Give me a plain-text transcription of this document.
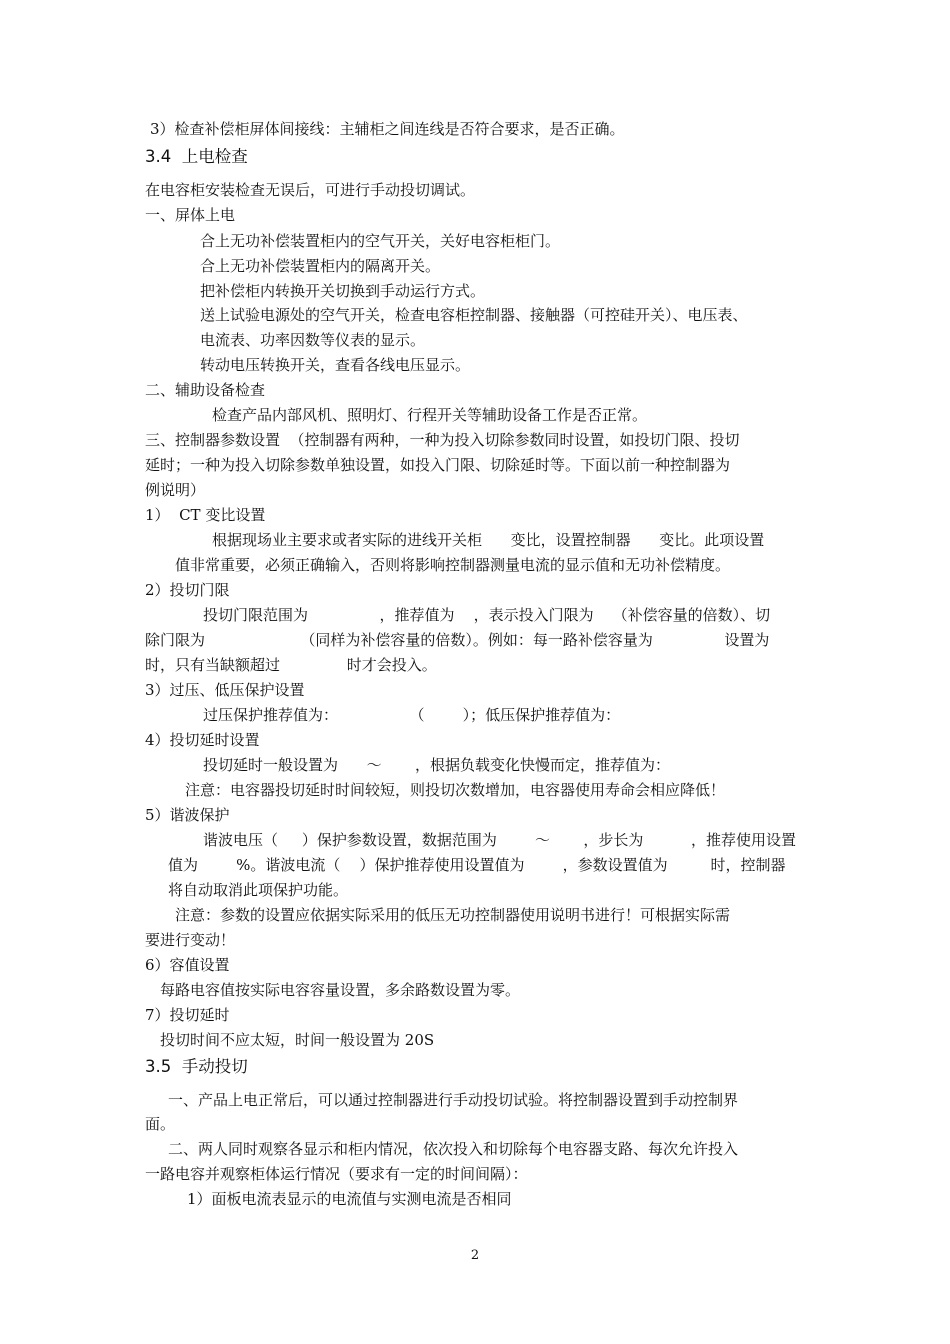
3）检查补偿柜屏体间接线：主辅柜之间连线是否符合要求，是否正确。
3.4  上电检查
在电容柜安装检查无误后，可进行手动投切调试。
一、屏体上电
合上无功补偿装置柜内的空气开关，关好电容柜柜门。
合上无功补偿装置柜内的隔离开关。
把补偿柜内转换开关切换到手动运行方式。
送上试验电源处的空气开关，检查电容柜控制器、接触器（可控硅开关）、电压表、
电流表、功率因数等仪表的显示。
转动电压转换开关，查看各线电压显示。
二、辅助设备检查
检查产品内部风机、照明灯、行程开关等辅助设备工作是否正常。
三、控制器参数设置  （控制器有两种，一种为投入切除参数同时设置，如投切门限、投切
延时；一种为投入切除参数单独设置，如投入门限、切除延时等。下面以前一种控制器为
例说明）
1）  CT 变比设置
根据现场业主要求或者实际的进线开关柜      变比，设置控制器      变比。此项设置
值非常重要，必须正确输入，否则将影响控制器测量电流的显示值和无功补偿精度。
2）投切门限
投切门限范围为               ，推荐值为    ，表示投入门限为    （补偿容量的倍数）、切
除门限为                    （同样为补偿容量的倍数）。例如：每一路补偿容量为               设置为
时，只有当缺额超过              时才会投入。
3）过压、低压保护设置
过压保护推荐值为：               （        ）；低压保护推荐值为：
4）投切延时设置
投切延时一般设置为      ～       ，根据负载变化快慢而定，推荐值为：
注意：电容器投切延时时间较短，则投切次数增加，电容器使用寿命会相应降低！
5）谐波保护
谐波电压（     ）保护参数设置，数据范围为        ～       ，步长为          ，推荐使用设置
值为        %。谐波电流（    ）保护推荐使用设置值为        ，参数设置值为         时，控制器
将自动取消此项保护功能。
注意：参数的设置应依据实际采用的低压无功控制器使用说明书进行！可根据实际需
要进行变动！
6）容值设置
每路电容值按实际电容容量设置，多余路数设置为零。
7）投切延时
投切时间不应太短，时间一般设置为 20S
3.5  手动投切
一、产品上电正常后，可以通过控制器进行手动投切试验。将控制器设置到手动控制界
面。
二、两人同时观察各显示和柜内情况，依次投入和切除每个电容器支路、每次允许投入
一路电容并观察柜体运行情况（要求有一定的时间间隔）：
1）面板电流表显示的电流值与实测电流是否相同
2
